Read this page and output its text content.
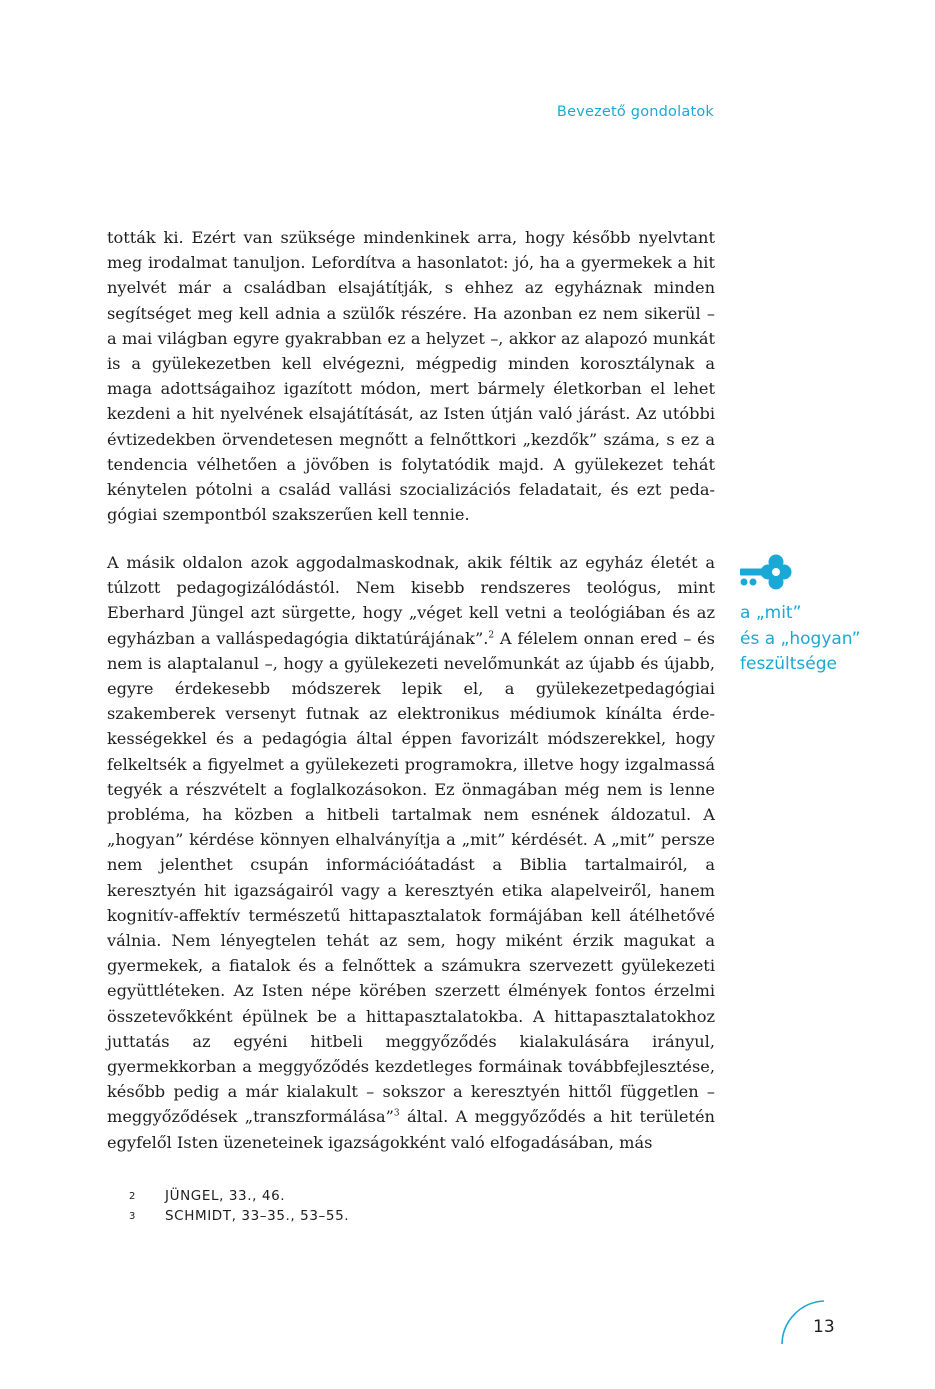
Bevezető gondolatok

tották ki. Ezért van szüksége mindenkinek arra, hogy később nyelvtant meg irodalmat tanuljon. Lefordítva a hasonlatot: jó, ha a gyermekek a hit nyelvét már a családban elsajátítják, s ehhez az egyháznak minden segítséget meg kell adnia a szülők részére. Ha azonban ez nem sikerül – a mai világban egyre gyakrabban ez a helyzet –, akkor az alapozó munkát is a gyülekezetben kell elvégezni, mégpedig minden korosztálynak a maga adottságaihoz igazított módon, mert bármely életkorban el lehet kezdeni a hit nyelvének elsajátítását, az Isten útján való járást. Az utóbbi évtizedekben örvendetesen megnőtt a felnőttkori „kezdők” száma, s ez a tendencia vélhetően a jövőben is folytatódik majd. A gyülekezet tehát kénytelen pótolni a család vallási szocializációs feladatait, és ezt pedagógiai szempontból szakszerűen kell tennie.

A másik oldalon azok aggodalmaskodnak, akik féltik az egyház életét a túlzott pedagogizálódástól. Nem kisebb rendszeres teológus, mint Eberhard Jüngel azt sürgette, hogy „véget kell vetni a teológiában és az egyházban a valláspedagógia diktatúrájának”.$^2$ A félelem onnan ered – és nem is alaptalanul –, hogy a gyülekezeti nevelőmunkát az újabb és újabb, egyre érdekesebb módszerek lepik el, a gyülekezetpedagógiai szakemberek versenyt futnak az elektronikus médiumok kínálta érdekességekkel és a pedagógia által éppen favorizált módszerekkel, hogy felkeltsék a figyelmet a gyülekezeti programokra, illetve hogy izgalmassá tegyék a részvételt a foglalkozásokon. Ez önmagában még nem is lenne probléma, ha közben a hitbeli tartalmak nem esnének áldozatul. A „hogyan” kérdése könnyen elhalványítja a „mit” kérdését. A „mit” persze nem jelenthet csupán információátadást a Biblia tartalmairól, a keresztyén hit igazságairól vagy a keresztyén etika alapelveiről, hanem kognitív-affektív természetű hittapasztalatok formájában kell átélhetővé válnia. Nem lényegtelen tehát az sem, hogy miként érzik magukat a gyermekek, a fiatalok és a felnőttek a számukra szervezett gyülekezeti együttléteken. Az Isten népe körében szerzett élmények fontos érzelmi összetevőkként épülnek be a hittapasztalatokba. A hittapasztalatokhoz juttatás az egyéni hitbeli meggyőződés kialakulására irányul, gyermekkorban a meggyőződés kezdetleges formáinak továbbfejlesztése, később pedig a már kialakult – sokszor a keresztyén hittől független – meggyőződések „transzformálása”$^3$ által. A meggyőződés a hit területén egyfelől Isten üzeneteinek igazságokként való elfogadásában, más

a „mit”
és a „hogyan”
feszültsége
2	JÜNGEL, 33., 46.
3	SCHMIDT, 33–35., 53–55.
13
